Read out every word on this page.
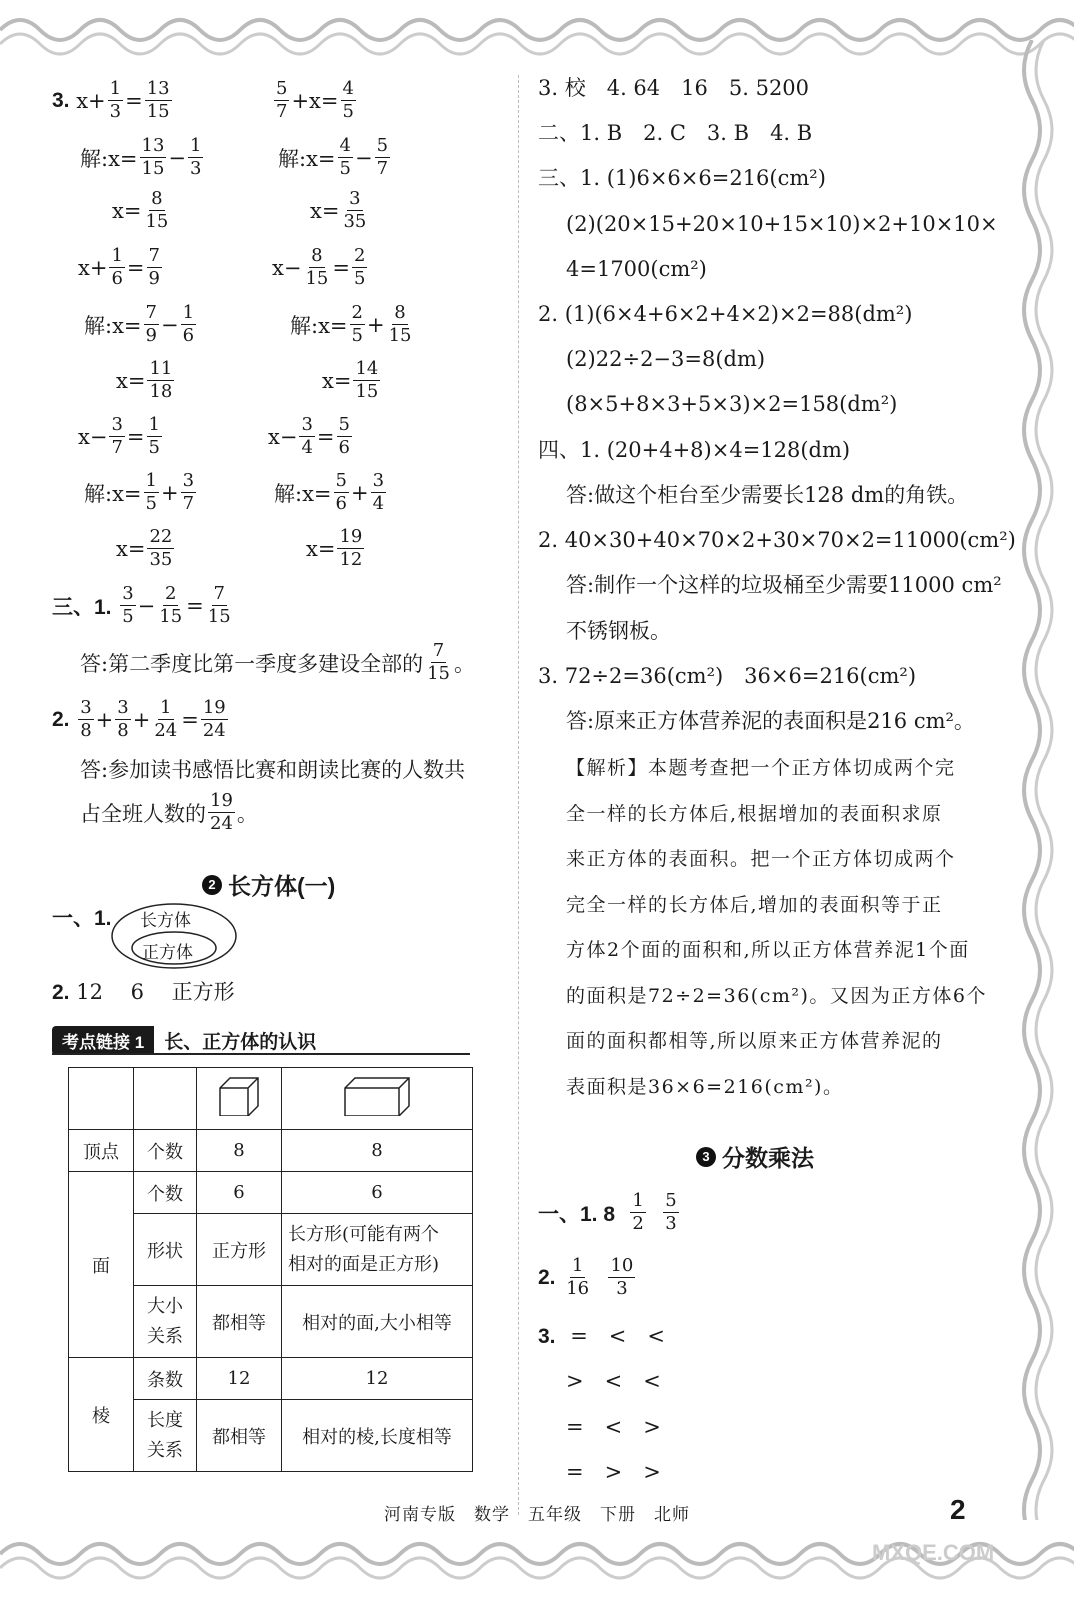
3.
$x+ \frac{1}{3} = \frac{13}{15}$
解:x= $\frac{13}{15} - \frac{1}{3}$
$x= \frac{8}{15}$
$\frac{5}{7} +x= \frac{4}{5}$
解:x= $\frac{4}{5} - \frac{5}{7}$
$x= \frac{3}{35}$
$x+ \frac{1}{6} = \frac{7}{9}$
解:x= $\frac{7}{9} - \frac{1}{6}$
$x= \frac{11}{18}$
$x- \frac{8}{15} = \frac{2}{5}$
解:x= $\frac{2}{5} + \frac{8}{15}$
$x= \frac{14}{15}$
$x- \frac{3}{7} = \frac{1}{5}$
解:x= $\frac{1}{5} + \frac{3}{7}$
$x= \frac{22}{35}$
$x- \frac{3}{4} = \frac{5}{6}$
解:x= $\frac{5}{6} + \frac{3}{4}$
$x= \frac{19}{12}$
三、1.
$\frac{3}{5} - \frac{2}{15} = \frac{7}{15}$
答:第二季度比第一季度多建设全部的 $\frac{7}{15}$ 。
2.
$\frac{3}{8} + \frac{3}{8} + \frac{1}{24} = \frac{19}{24}$
答:参加读书感悟比赛和朗读比赛的人数共
占全班人数的 $\frac{19}{24}$ 。
2 长方体(一)
一、1. 长方体
正方体
2. 12　 6　 正方形
考点链接 1	长、正方体的认识

顶点	个数	8	8
面	个数	6	6
	形状	正方形	长方形(可能有两个
相对的面是正方形)

	大小
关系	都相等	相对的面,大小相等
棱	条数	12	12

	长度
关系	都相等	相对的棱,长度相等
3. 校　4. 64　16　5. 5200
二、1. B　2. C　3. B　4. B
三、1. (1)6×6×6=216(cm²)
(2)(20×15+20×10+15×10)×2+10×10×
4=1700(cm²)
2. (1)(6×4+6×2+4×2)×2=88(dm²)
(2)22÷2−3=8(dm)
(8×5+8×3+5×3)×2=158(dm²)
四、1. (20+4+8)×4=128(dm)
答:做这个柜台至少需要长128 dm的角铁。
2. 40×30+40×70×2+30×70×2=11000(cm²)
答:制作一个这样的垃圾桶至少需要11000 cm²
不锈钢板。
3. 72÷2=36(cm²)　36×6=216(cm²)
答:原来正方体营养泥的表面积是216 cm²。
【解析】本题考查把一个正方体切成两个完
全一样的长方体后,根据增加的表面积求原
来正方体的表面积。把一个正方体切成两个
完全一样的长方体后,增加的表面积等于正
方体2个面的面积和,所以正方体营养泥1个面
的面积是72÷2=36(cm²)。又因为正方体6个
面的面积都相等,所以原来正方体营养泥的
表面积是36×6=216(cm²)。
3 分数乘法
一、1. 8
$\frac{1}{2}$
$\frac{5}{3}$
2.
$\frac{1}{16}$
$\frac{10}{3}$
3. =　<　<
>　<　<
=　<　>
=　>　>
河南专版　数学　五年级　下册　北师	2
MXQE.COM
